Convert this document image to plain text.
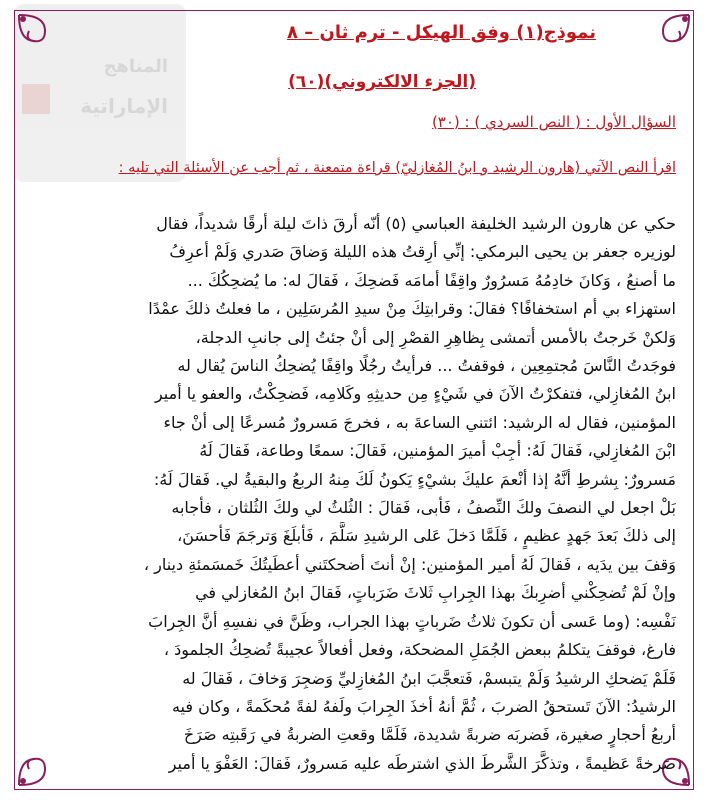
المناهج
الإماراتية
نموذج(١) وفق الهيكل - ترم ثان – ٨
(الجزء الالكتروني)(٦٠)
السؤال الأول : ( النص السردي ) : (٣٠)
اقرأ النص الآتي (هارون الرشيد و ابنُ المُغازليّ) قراءة متمعنة ، ثم أجب عن الأسئلة التي تليه :

حكي عن هارون الرشيد الخليفة العباسي (٥) أنّه أرقَ ذاتَ ليلة أرقًا شديداً، فقال

لوزيره جعفر بن يحيى البرمكي: إنِّي أرِقتُ هذه الليلة وَضاقَ صَدري وَلَمْ أعرِفُ

ما أصنعُ ، وَكانَ خادِمُهُ مَسرُورٌ واقِفًا أمامَه فَضحِكَ ، فَقالَ له: ما يُضحِكُكَ ...

استهزاء بي أم استخفافًا؟ فقالَ: وقرابتِكَ مِنْ سيدِ المُرسَلِين ، ما فعلتُ ذلكَ عمْدًا

وَلكنْ خَرجتُ بالأمس أتمشى بِظاهِرِ القصْرِ إلى أنْ جئتُ إلى جانبِ الدجلة،

فوجَدتُ النَّاسَ مُجتمِعِين ، فوقفتُ ... فرأيتُ رجُلًا واقِفًا يُضحِكُ الناسَ يُقال له

ابنُ المُغازِلي، فتفكرْتُ الآنَ في شَيْءٍ مِن حديثِهِ وكَلامِه، فَضحِكْتُ، والعفو يا أمير

المؤمنين، فقال له الرشيد: ائتني الساعةَ به ، فخرجَ مَسرورٌ مُسرعًا إلى أنْ جاء

ابْنَ المُغازِلي، فَقالَ لَهُ: أجِبْ أميرَ المؤمنين، فَقالَ: سمعًا وطاعة، فَقالَ لَهُ

مَسرورٌ: بِشرطِ أنَّهُ إذا أنْعمَ عليكَ بشيْءٍ يَكونُ لَكَ مِنهُ الربعُ والبقيةُ لي. فَقالَ لَهُ:

بَلْ اجعل لي النصفَ ولكَ النِّصفُ ، فَأبى، فَقالَ : الثُلثُ لي ولكَ الثُلثان ، فأجابه

إلى ذلكَ بَعدَ جَهدٍ عظيمٍ ، فَلَمَّا دَخلَ عَلى الرشيدِ سَلَّمَ ، فَأبلَغَ وَترجَمَ فَأحسَنَ،

وَقفَ بين يدَيه ، فَقالَ لَهُ أمير المؤمنين: إنْ أنتَ أضحكتَني أعطَيتُكَ خَمسَمئةِ دينار ،

وإنْ لَمْ تُضحِكْني أضرِبكَ بهذا الجِرابِ ثَلاثَ ضَرَباتٍ، فَقالَ ابنُ المُغازلي في

نَفْسِه: (وما عَسى أن تكونَ ثلاثُ ضَرباتٍ بهذا الجراب، وظَنَّ في نفسِهِ أنَّ الجِرابَ

فارغ، فوقفَ يتكلمُ ببعض الجُمَلِ المضحكة، وفعل أفعالاً عجيبةً تُضحِكُ الجلمودَ ،

فَلَمْ يَضحكِ الرشيدُ وَلَمْ يتبسمْ، فَتعجَّبَ ابنُ المُغازِليِّ وَضجِرَ وَخافَ ، فَقالَ له

الرشيدُ: الآنَ تَستحقُ الضربَ ، ثُمَّ أنهُ أخذَ الجِرابَ ولَفهُ لفةً مُحكَمةً ، وكان فيه

أربعُ أحجارٍ صغيرة، فَضربَه ضربةً شديدة، فَلَمَّا وقعتِ الضربةُ في رَقَبتِه صَرَخَ

صَرخةً عَظيمةً ، وتذكَّرَ الشَّرطَ الذي اشترطَه عليه مَسرورٌ، فَقالَ: العَفْوَ يا أمير
